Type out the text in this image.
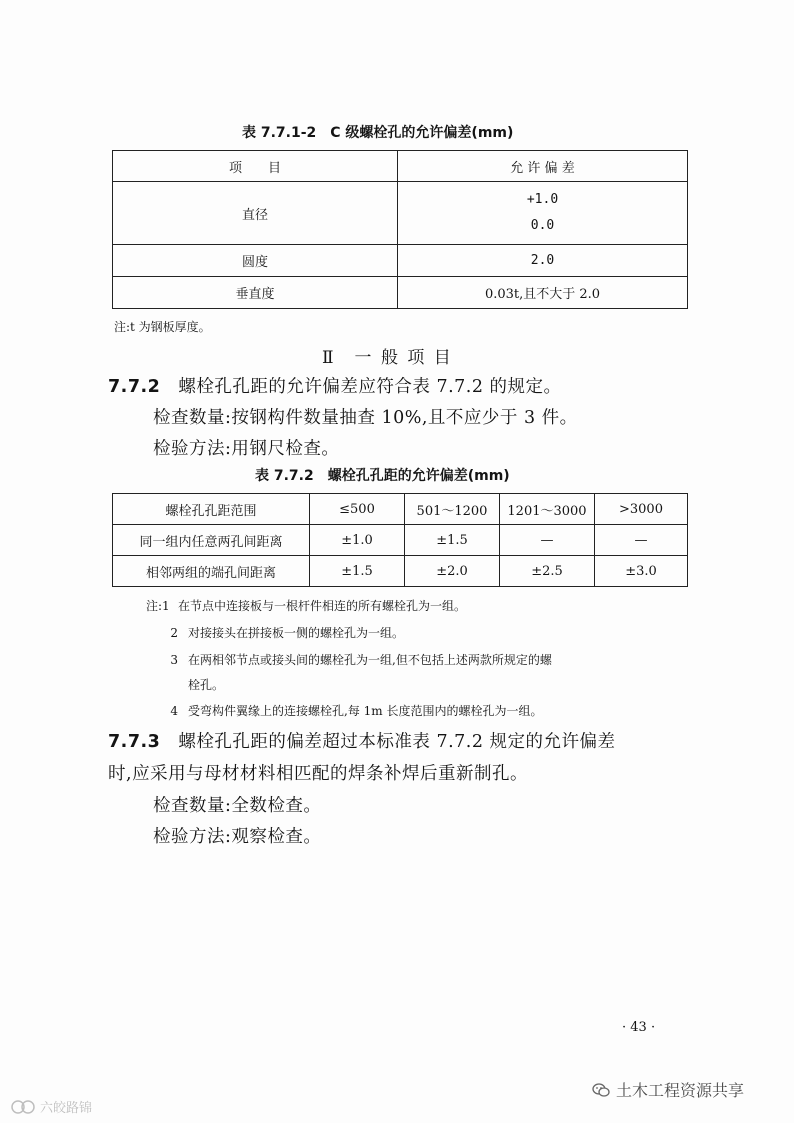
表 7.7.1-2　C 级螺栓孔的允许偏差(mm)
项　　目	允 许 偏 差
直径	+1.0
0.0

圆度	2.0
垂直度	0.03t,且不大于 2.0
注:t 为钢板厚度。
Ⅱ　一 般 项 目
7.7.2 螺栓孔孔距的允许偏差应符合表 7.7.2 的规定。
检查数量:按钢构件数量抽查 10%,且不应少于 3 件。
检验方法:用钢尺检查。
表 7.7.2　螺栓孔孔距的允许偏差(mm)
螺栓孔孔距范围	≤500	501～1200	1201～3000	>3000
同一组内任意两孔间距离	±1.0	±1.5	—	—
相邻两组的端孔间距离	±1.5	±2.0	±2.5	±3.0
注:1 在节点中连接板与一根杆件相连的所有螺栓孔为一组。
2 对接接头在拼接板一侧的螺栓孔为一组。
3 在两相邻节点或接头间的螺栓孔为一组,但不包括上述两款所规定的螺
栓孔。
4 受弯构件翼缘上的连接螺栓孔,每 1m 长度范围内的螺栓孔为一组。
7.7.3 螺栓孔孔距的偏差超过本标准表 7.7.2 规定的允许偏差
时,应采用与母材材料相匹配的焊条补焊后重新制孔。
检查数量:全数检查。
检验方法:观察检查。
· 43 ·
土木工程资源共享
六皎路锦
